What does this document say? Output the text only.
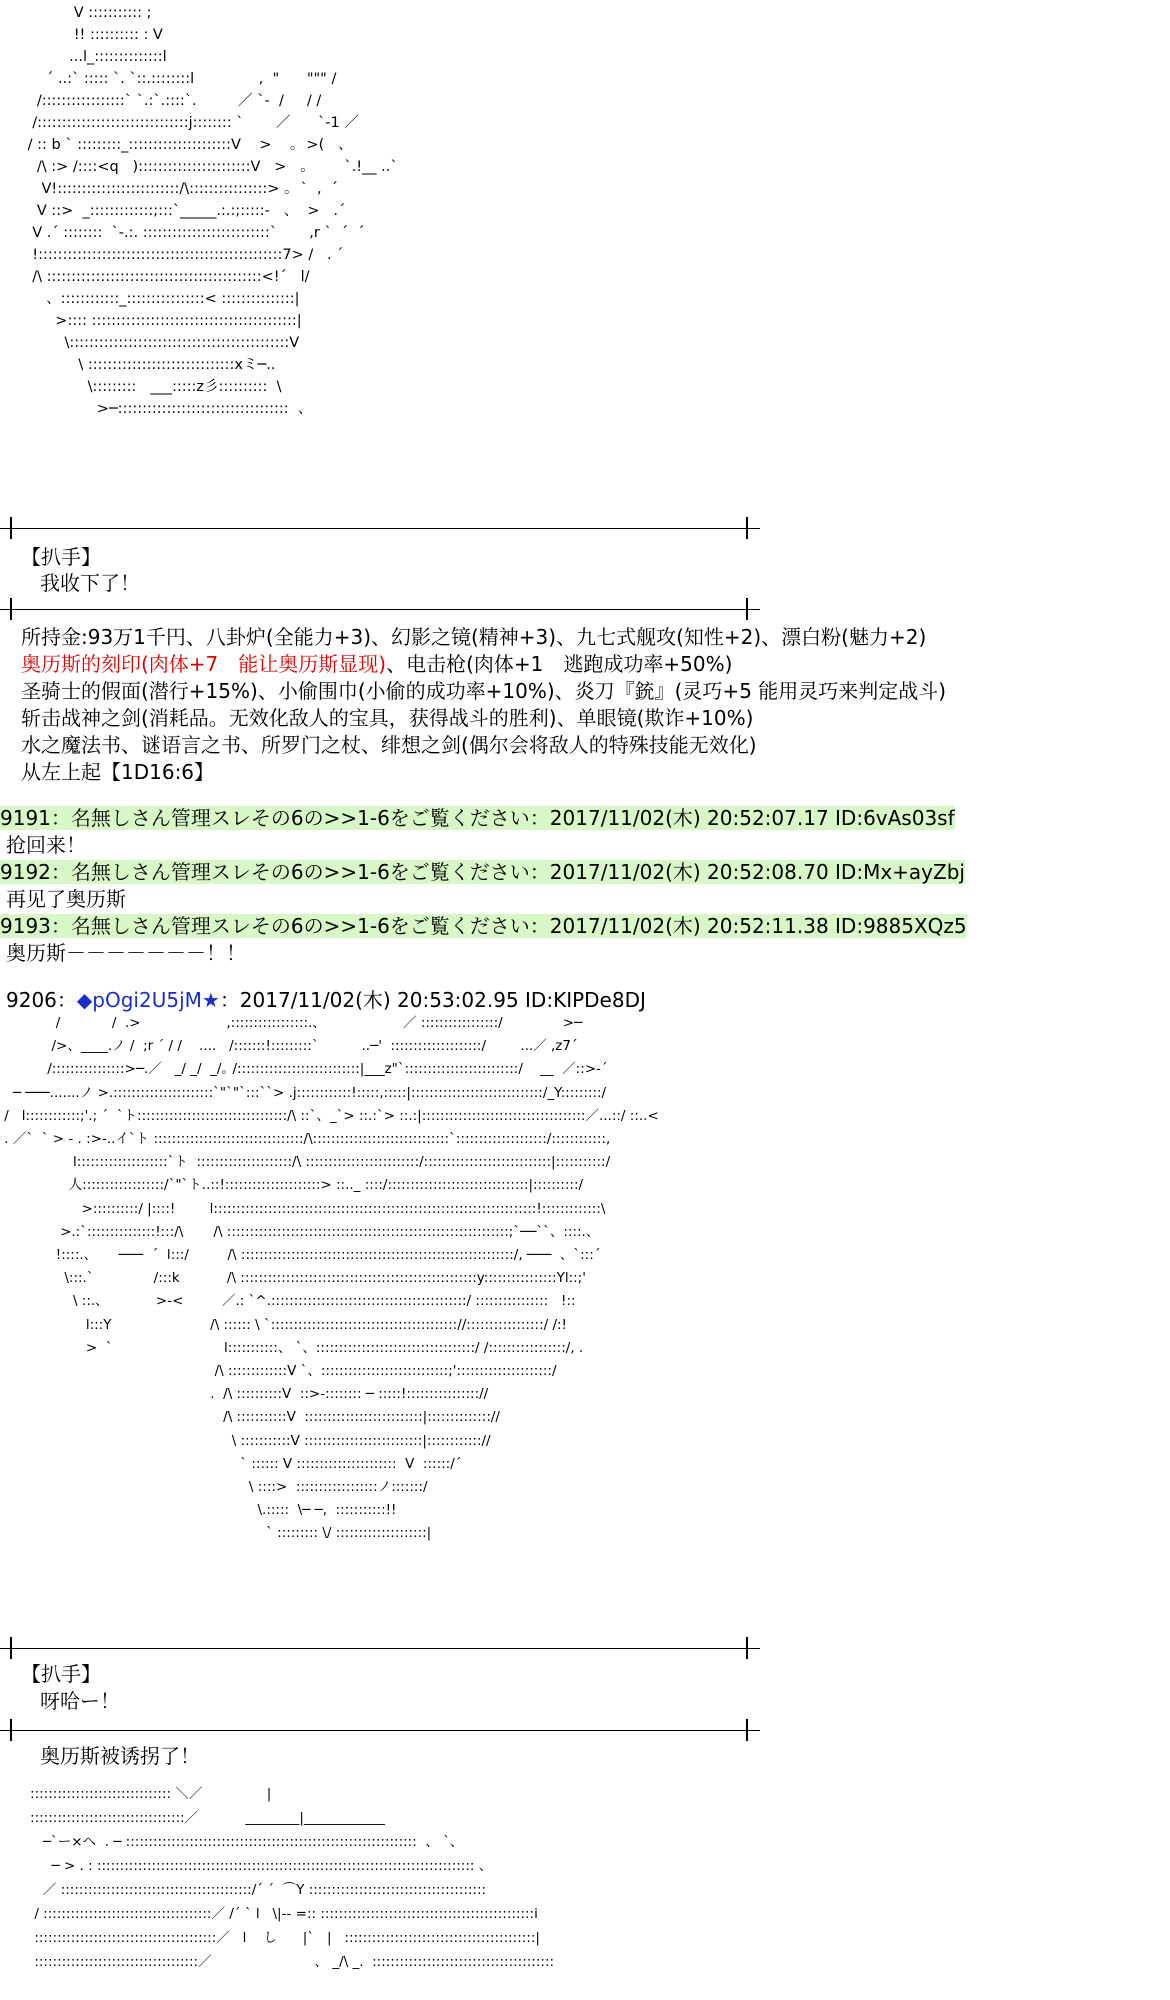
V ::::::::::: ;
!! :::::::::: : V
...l_::::::::::::::l
´ ..:` ::::: `. `::.::::::::l              ,  "      """ /
/:::::::::::::::::` `.:`.::::`.         ／ `-  /     / /
/:::::::::::::::::::::::::::::::j:::::::: `       ／      `-1 ／
/ :: b ` :::::::::_:::::::::::::::::::::V    >    ｡  >(   、
/\ :> /::::<q   ):::::::::::::::::::::::V   >   ｡        `.!__ ..`
V!:::::::::::::::::::::::::/\::::::::::::::::> ｡  `  ,  ´
V ::>  _:::::::::::::;:::`_____.:.:;:::::-   、  >   .´
V .´ ::::::::  `-.:. ::::::::::::::::::::::::::`       ,r `  ´  ´
!::::::::::::::::::::::::::::::::::::::::::::::::::7> /   . ´
/\ ::::::::::::::::::::::::::::::::::::::::::::<!´   l/
、::::::::::::_::::::::::::::::< :::::::::::::::|
>:::: ::::::::::::::::::::::::::::::::::::::::::|
\:::::::::::::::::::::::::::::::::::::::::::::V
\ ::::::::::::::::::::::::::::::xミ─..
\:::::::::   ___:::::z彡::::::::::  \
>─:::::::::::::::::::::::::::::::::::  、
【扒手】
我收下了！
所持金:93万1千円、八卦炉(全能力+3)、幻影之镜(精神+3)、九七式舰攻(知性+2)、漂白粉(魅力+2)
奥历斯的刻印(肉体+7　能让奥历斯显现)、电击枪(肉体+1　逃跑成功率+50%)
圣骑士的假面(潜行+15%)、小偷围巾(小偷的成功率+10%)、炎刀『銃』(灵巧+5 能用灵巧来判定战斗)
斩击战神之剑(消耗品。无效化敌人的宝具，获得战斗的胜利)、单眼镜(欺诈+10%)
水之魔法书、谜语言之书、所罗门之杖、绯想之剑(偶尔会将敌人的特殊技能无效化)
从左上起【1D16:6】
9191：名無しさん管理スレその6の>>1-6をご覧ください：2017/11/02(木) 20:52:07.17 ID:6vAs03sf
抢回来！
9192：名無しさん管理スレその6の>>1-6をご覧ください：2017/11/02(木) 20:52:08.70 ID:Mx+ayZbj
再见了奥历斯
9193：名無しさん管理スレその6の>>1-6をご覧ください：2017/11/02(木) 20:52:11.38 ID:9885XQz5
奥历斯－－－－－－－！！
9206：◆pOgi2U5jM★：2017/11/02(木) 20:53:02.95 ID:KIPDe8DJ
/            /  .>                    ,:::::::::::::::::.、                  ／ :::::::::::::::::/              >─
/>、____.ノ /  ;r ´ / /    ....   /:::::::!:::::::::`          ..─'  ::::::::::::::::::::/        ...／ ,z7´
/::::::::::::::::>─.／   _/ _/  _/｡ /:::::::::::::::::::::::::::|___z"`:::::::::::::::::::::::::/    __  ／::>-´
─ ───.......ノ >.::::::::::::::::::::::`"`"`:::``> .j::::::::::::!:::::,:::::|:::::::::::::::::::::::::::::/_Y:::::::::/
/   l::::::::::::;'.; ´  `ト:::::::::::::::::::::::::::::::::/\ ::`、_`> ::.:`> ::.:|::::::::::::::::::::::::::::::::::::／...::/ ::..<
. ／`  ` > - . :>-..イ`ト :::::::::::::::::::::::::::::::::/\::::::::::::::::::::::::::::::`::::::::::::::::::::/::::::::::::,
l::::::::::::::::::::`ト  :::::::::::::::::::::/\ :::::::::::::::::::::::::/::::::::::::::::::::::::::::|:::::::::::/
人::::::::::::::::::/`"`ト..::!:::::::::::::::::::::> ::.._ ::::/:::::::::::::::::::::::::::::::|::::::::::/
>::::::::::/ |::::!        l:::::::::::::::::::::::::::::::::::::::::::::::::::::::::::::::::::::::!:::::::::::::\
>.:`:::::::::::::::!:::/\       /\ ::::::::::::::::::::::::::::::::::::::::::::::::::::::::::::::;`──``、::::.、
!::::.、     ───  ´  l:::/         /\ ::::::::::::::::::::::::::::::::::::::::::::::::::::::::::::/, ───  、`:::´
\:::.`              /:::k           /\ ::::::::::::::::::::::::::::::::::::::::::::::::::::y::::::::::::::::Yl::;'
\ ::.、           >-<         ／.: `^.:::::::::::::::::::::::::::::::::::::::::::/ ::::::::::::::::   !::
l:::Y                       /\ :::::: \ `::::::::::::::::::::::::::::::::::::::::://:::::::::::::::::/ /:!
>  `                          l:::::::::::、 `、:::::::::::::::::::::::::::::::::::/ /:::::::::::::::::/, .
/\ :::::::::::::V `、::::::::::::::::::::::::::::;':::::::::::::::::::::/
.  /\ ::::::::::V  ::>-:::::::: ─ :::::!:::::::::::::::://
/\ :::::::::::V  ::::::::::::::::::::::::::|:::::::::::::://
\ :::::::::::V ::::::::::::::::::::::::::|:::::::::::://
` :::::: V ::::::::::::::::::::::  V  ::::::/´
\ ::::>  ::::::::::::::::::ノ:::::::/
\.:::::  \─ ─,  :::::::::::!!
` ::::::::: \/ ::::::::::::::::::::|
【扒手】
呀哈ー！
奥历斯被诱拐了！
::::::::::::::::::::::::::::::: ＼／               |
::::::::::::::::::::::::::::::::::／           ________|____________
─`ー×へ  . ─ ::::::::::::::::::::::::::::::::::::::::::::::::::::::::::::::::  、 `、
─ > . : ::::::::::::::::::::::::::::::::::::::::::::::::::::::::::::::::::::::::::::::::::: 、
／ ::::::::::::::::::::::::::::::::::::::::::/´ ´  ⌒Y :::::::::::::::::::::::::::::::::::::::
/ :::::::::::::::::::::::::::::::::::::／ /´ ` l   \|-- =:: :::::::::::::::::::::::::::::::::::::::::::::::i
::::::::::::::::::::::::::::::::::::::::／   l    し      |`   |   ::::::::::::::::::::::::::::::::::::::::::|
::::::::::::::::::::::::::::::::::::／                        、 _/\ _.  ::::::::::::::::::::::::::::::::::::::::
